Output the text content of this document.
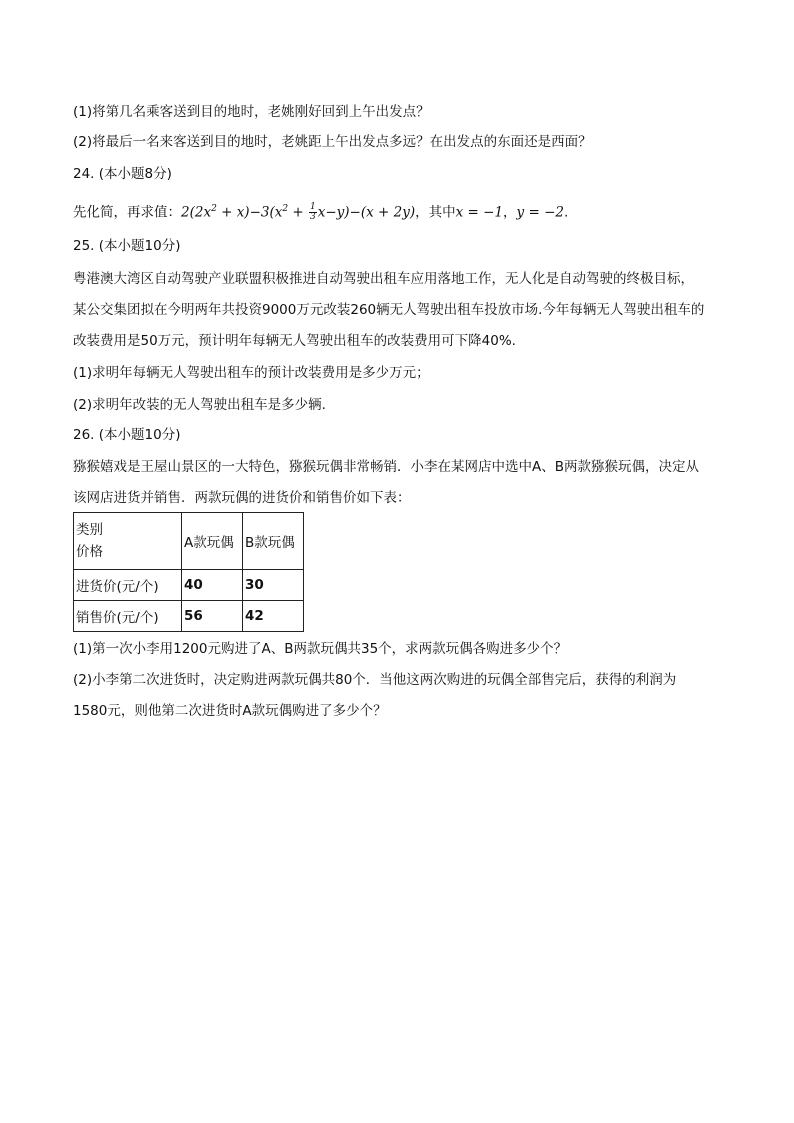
(1)将第几名乘客送到目的地时，老姚刚好回到上午出发点？
(2)将最后一名来客送到目的地时，老姚距上午出发点多远？在出发点的东面还是西面？
24. (本小题8分)
先化简，再求值：$2(2x^2 + x)-3(x^2 + \frac{1}{3} x-y)-(x + 2y)$，其中x = −1，y = −2.
25. (本小题10分)
粤港澳大湾区自动驾驶产业联盟积极推进自动驾驶出租车应用落地工作，无人化是自动驾驶的终极目标，
某公交集团拟在今明两年共投资9000万元改装260辆无人驾驶出租车投放市场.今年每辆无人驾驶出租车的
改装费用是50万元，预计明年每辆无人驾驶出租车的改装费用可下降40%.
(1)求明年每辆无人驾驶出租车的预计改装费用是多少万元；
(2)求明年改装的无人驾驶出租车是多少辆.
26. (本小题10分)
猕猴嬉戏是王屋山景区的一大特色，猕猴玩偶非常畅销．小李在某网店中选中A、B两款猕猴玩偶，决定从
该网店进货并销售．两款玩偶的进货价和销售价如下表：
类别
价格	A款玩偶	B款玩偶
进货价(元/个)	40	30
销售价(元/个)	56	42
(1)第一次小李用1200元购进了A、B两款玩偶共35个，求两款玩偶各购进多少个？
(2)小李第二次进货时，决定购进两款玩偶共80个．当他这两次购进的玩偶全部售完后，获得的利润为
1580元，则他第二次进货时A款玩偶购进了多少个？
